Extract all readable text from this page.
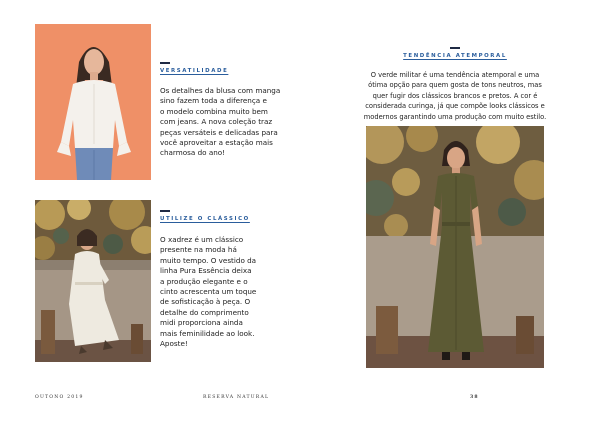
VERSATILIDADE
Os detalhes da blusa com manga
sino fazem toda a diferença e
o modelo combina muito bem
com jeans. A nova coleção traz
peças versáteis e delicadas para
você aproveitar a estação mais
charmosa do ano!
UTILIZE O CLÁSSICO
O xadrez é um clássico
presente na moda há
muito tempo. O vestido da
linha Pura Essência deixa
a produção elegante e o
cinto acrescenta um toque
de sofisticação à peça. O
detalhe do comprimento
midi proporciona ainda
mais feminilidade ao look.
Aposte!
TENDÊNCIA ATEMPORAL
O verde militar é uma tendência atemporal e uma
ótima opção para quem gosta de tons neutros, mas
quer fugir dos clássicos brancos e pretos. A cor é
considerada curinga, já que compõe looks clássicos e
modernos garantindo uma produção com muito estilo.
OUTONO 2019	RESERVA NATURAL	38
